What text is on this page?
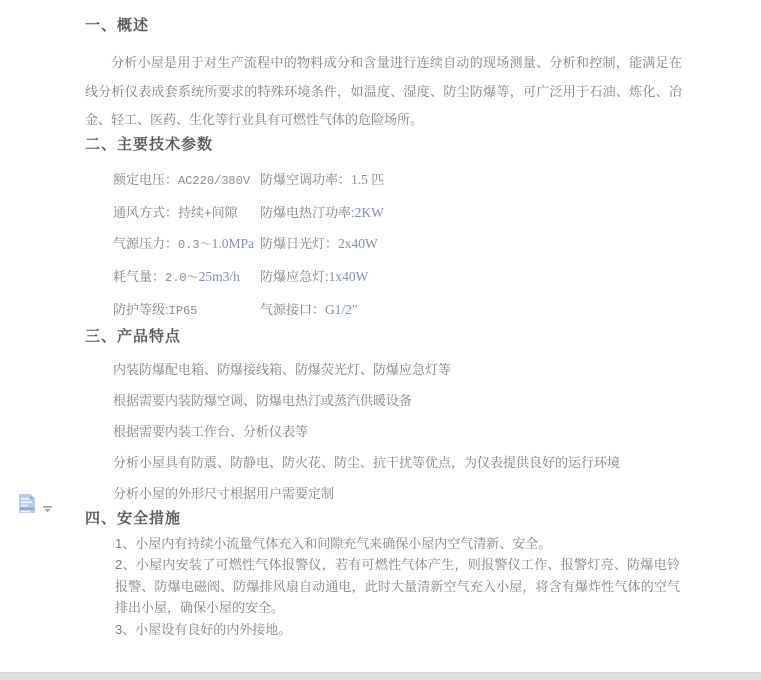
一、概述

分析小屋是用于对生产流程中的物料成分和含量进行连续自动的现场测量、分析和控制，能满足在线分析仪表成套系统所要求的特殊环境条件，如温度、湿度、防尘防爆等，可广泛用于石油、炼化、冶金、轻工、医药、生化等行业具有可燃性气体的危险场所。

二、主要技术参数
额定电压：AC220/380V 防爆空调功率：1.5 匹
通风方式：持续+间隙	防爆电热汀功率:2KW
气源压力：0.3～1.0MPa 防爆日光灯：2x40W
耗气量：2.0～25m3/h	防爆应急灯:1x40W
防护等级:IP65	气源接口：G1/2"
三、产品特点

内装防爆配电箱、防爆接线箱、防爆荧光灯、防爆应急灯等

根据需要内装防爆空调、防爆电热汀或蒸汽供暖设备

根据需要内装工作台、分析仪表等

分析小屋具有防震、防静电、防火花、防尘、抗干扰等优点，为仪表提供良好的运行环境

分析小屋的外形尺寸根据用户需要定制

四、安全措施

1、小屋内有持续小流量气体充入和间隙充气来确保小屋内空气清新、安全。

2、小屋内安装了可燃性气体报警仪，若有可燃性气体产生，则报警仪工作、报警灯亮、防爆电铃报警、防爆电磁阀、防爆排风扇自动通电，此时大量清新空气充入小屋，将含有爆炸性气体的空气排出小屋，确保小屋的安全。

3、小屋设有良好的内外接地。
